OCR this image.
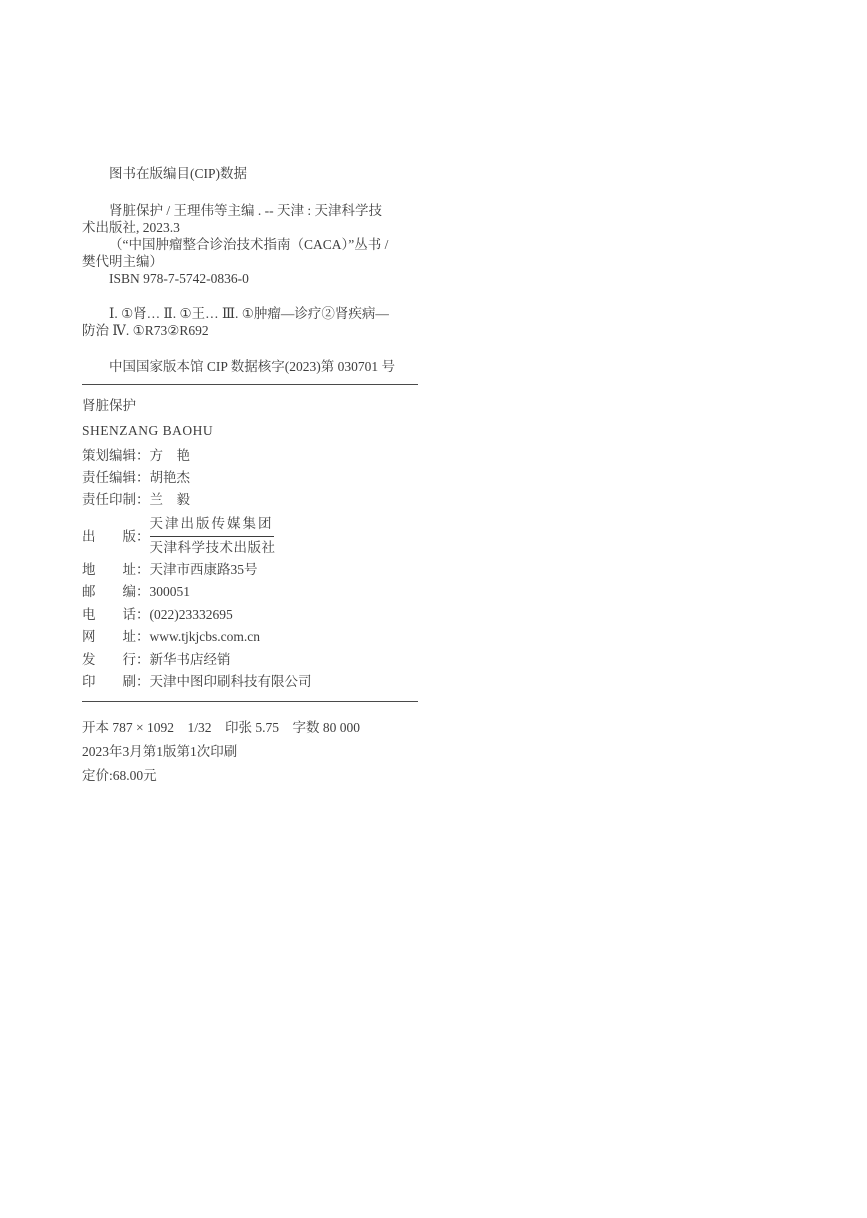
图书在版编目(CIP)数据

肾脏保护 / 王理伟等主编 . -- 天津 : 天津科学技

术出版社, 2023.3

（“中国肿瘤整合诊治技术指南（CACA）”丛书 /

樊代明主编）

ISBN 978-7-5742-0836-0

Ⅰ. ①肾… Ⅱ. ①王… Ⅲ. ①肿瘤—诊疗②肾疾病—

防治 Ⅳ. ①R73②R692

中国国家版本馆 CIP 数据核字(2023)第 030701 号

肾脏保护

SHENZANG BAOHU

策划编辑： 方　艳
责任编辑： 胡艳杰
责任印制： 兰　毅
出　　版：
天津出版传媒集团
天津科学技术出版社
地　　址： 天津市西康路35号
邮　　编： 300051
电　　话： (022)23332695
网　　址： www.tjkjcbs.com.cn
发　　行： 新华书店经销
印　　刷： 天津中图印刷科技有限公司

开本 787 × 1092　1/32　印张 5.75　字数 80 000

2023年3月第1版第1次印刷

定价:68.00元
